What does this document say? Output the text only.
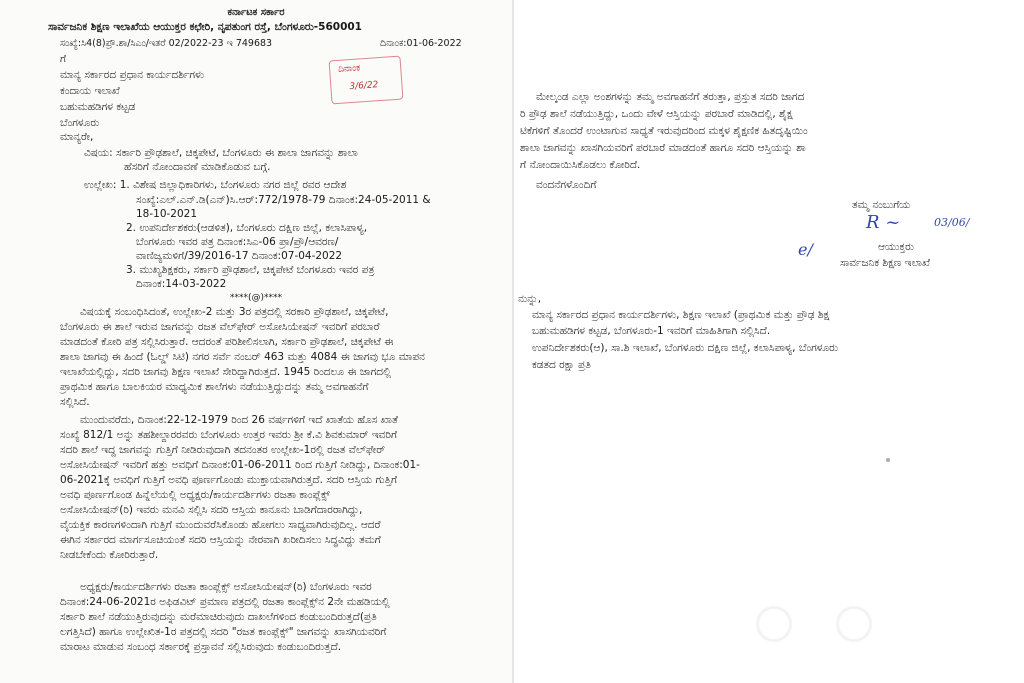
ಕರ್ನಾಟಕ ಸರ್ಕಾರ
ಸಾರ್ವಜನಿಕ ಶಿಕ್ಷಣ ಇಲಾಖೆಯ ಆಯುಕ್ತರ ಕಛೇರಿ, ನೃಪತುಂಗ ರಸ್ತೆ, ಬೆಂಗಳೂರು-560001
ಸಂಖ್ಯೆ:ಸಿ4(8)ಪ್ರೌ.ಶಾ/ಸಿಎಂ/ಇತರೆ 02/2022-23 ಇ 749683	ದಿನಾಂಕ:01-06-2022
ದಿನಾಂಕ
3/6/22
ಗೆ
ಮಾನ್ಯ ಸರ್ಕಾರದ ಪ್ರಧಾನ ಕಾರ್ಯದರ್ಶಿಗಳು
ಕಂದಾಯ ಇಲಾಖೆ
ಬಹುಮಹಡಿಗಳ ಕಟ್ಟಡ
ಬೆಂಗಳೂರು
ಮಾನ್ಯರೇ,
ವಿಷಯ: ಸರ್ಕಾರಿ ಪ್ರೌಢಶಾಲೆ, ಚಿಕ್ಕಪೇಟೆ, ಬೆಂಗಳೂರು ಈ ಶಾಲಾ ಜಾಗವನ್ನು ಶಾಲಾ
ಹೆಸರಿಗೆ ನೋಂದಾವಣೆ ಮಾಡಿಕೊಡುವ ಬಗ್ಗೆ.
ಉಲ್ಲೇಖ: 1. ವಿಶೇಷ ಜಿಲ್ಲಾಧಿಕಾರಿಗಳು, ಬೆಂಗಳೂರು ನಗರ ಜಿಲ್ಲೆ ರವರ ಆದೇಶ
ಸಂಖ್ಯೆ:ಎಲ್.ಎನ್.ಡಿ(ಎನ್)ಸಿ.ಆರ್:772/1978-79 ದಿನಾಂಕ:24-05-2011 &
18-10-2021
2. ಉಪನಿರ್ದೇಶಕರು(ಆಡಳಿತ), ಬೆಂಗಳೂರು ದಕ್ಷಿಣ ಜಿಲ್ಲೆ, ಕಲಾಸಿಪಾಳ್ಯ,
ಬೆಂಗಳೂರು ಇವರ ಪತ್ರ ದಿನಾಂಕ:ಸಿಎ-06 ಪ್ರಾ/ಪ್ರೌ/ಆವರಣ/
ವಾಣಿಜ್ಯಮಳಿಗೆ/39/2016-17 ದಿನಾಂಕ:07-04-2022
3. ಮುಖ್ಯಶಿಕ್ಷಕರು, ಸರ್ಕಾರಿ ಪ್ರೌಢಶಾಲೆ, ಚಿಕ್ಕಪೇಟೆ ಬೆಂಗಳೂರು ಇವರ ಪತ್ರ
ದಿನಾಂಕ:14-03-2022
****(@)****
ವಿಷಯಕ್ಕೆ ಸಂಬಂಧಿಸಿದಂತೆ, ಉಲ್ಲೇಖ-2 ಮತ್ತು 3ರ ಪತ್ರದಲ್ಲಿ ಸರಕಾರಿ ಪ್ರೌಢಶಾಲೆ, ಚಿಕ್ಕಪೇಟೆ,
ಬೆಂಗಳೂರು ಈ ಶಾಲೆ ಇರುವ ಜಾಗವನ್ನು ರಜತ ವೆಲ್‌ಫೇರ್ ಅಸೋಸಿಯೇಷನ್ ಇವರಿಗೆ ಪರಬಾರೆ
ಮಾಡದಂತೆ ಕೋರಿ ಪತ್ರ ಸಲ್ಲಿಸಿರುತ್ತಾರೆ. ಆದರಂತೆ ಪರಿಶೀಲಿಸಲಾಗಿ, ಸರ್ಕಾರಿ ಪ್ರೌಢಶಾಲೆ, ಚಿಕ್ಕಪೇಟೆ ಈ
ಶಾಲಾ ಜಾಗವು ಈ ಹಿಂದೆ (ಓಲ್ಡ್ ಸಿಟಿ) ನಗರ ಸರ್ವೆ ನಂಬರ್ 463 ಮತ್ತು 4084 ಈ ಜಾಗವು ಭೂ ಮಾಪನ
ಇಲಾಖೆಯಲ್ಲಿದ್ದು, ಸದರಿ ಜಾಗವು ಶಿಕ್ಷಣ ಇಲಾಖೆ ಸೇರಿದ್ದಾಗಿರುತ್ತದೆ. 1945 ರಿಂದಲೂ ಈ ಜಾಗದಲ್ಲಿ
ಪ್ರಾಥಮಿಕ ಹಾಗೂ ಬಾಲಕಿಯರ ಮಾಧ್ಯಮಿಕ ಶಾಲೆಗಳು ನಡೆಯುತ್ತಿದ್ದುದನ್ನು ತಮ್ಮ ಅವಗಾಹನೆಗೆ
ಸಲ್ಲಿಸಿದೆ.
ಮುಂದುವರೆದು, ದಿನಾಂಕ:22-12-1979 ರಿಂದ 26 ವರ್ಷಗಳಿಗೆ ಇದೆ ಖಾತೆಯ ಹೊಸ ಖಾತೆ
ಸಂಖ್ಯೆ 812/1 ಅನ್ನು ತಹಶೀಲ್ದಾರರವರು ಬೆಂಗಳೂರು ಉತ್ತರ ಇವರು ಶ್ರೀ ಕೆ.ವಿ ಶಿವಕುಮಾರ್ ಇವರಿಗೆ
ಸದರಿ ಶಾಲೆ ಇದ್ದ ಜಾಗವನ್ನು ಗುತ್ತಿಗೆ ನೀಡಿರುವುದಾಗಿ ತದನಂತರ ಉಲ್ಲೇಖ-1ರಲ್ಲಿ ರಜತ ವೆಲ್‌ಫೇರ್
ಅಸೋಸಿಯೇಷನ್ ಇವರಿಗೆ ಹತ್ತು ಅವಧಿಗೆ ದಿನಾಂಕ:01-06-2011 ರಿಂದ ಗುತ್ತಿಗೆ ನೀಡಿದ್ದು, ದಿನಾಂಕ:01-
06-2021ಕ್ಕೆ ಅವಧಿಗೆ ಗುತ್ತಿಗೆ ಅವಧಿ ಪೂರ್ಣಗೊಂಡು ಮುಕ್ತಾಯವಾಗಿರುತ್ತದೆ. ಸದರಿ ಆಸ್ತಿಯ ಗುತ್ತಿಗೆ
ಅವಧಿ ಪೂರ್ಣಗೊಂಡ ಹಿನ್ನೆಲೆಯಲ್ಲಿ ಅಧ್ಯಕ್ಷರು/ಕಾರ್ಯದರ್ಶಿಗಳು ರಜತಾ ಕಾಂಪ್ಲೆಕ್ಸ್
ಅಸೋಸಿಯೇಷನ್(ರಿ) ಇವರು ಮನವಿ ಸಲ್ಲಿಸಿ ಸದರಿ ಆಸ್ತಿಯ ಕಾನೂನು ಬಾಡಿಗೆದಾರರಾಗಿದ್ದು,
ವೈಯಕ್ತಿಕ ಕಾರಣಗಳಿಂದಾಗಿ ಗುತ್ತಿಗೆ ಮುಂದುವರೆಸಿಕೊಂಡು ಹೋಗಲು ಸಾಧ್ಯವಾಗಿರುವುದಿಲ್ಲ. ಆದರೆ
ಈಗಿನ ಸರ್ಕಾರದ ಮಾರ್ಗಸೂಚಿಯಂತೆ ಸದರಿ ಆಸ್ತಿಯನ್ನು ನೇರವಾಗಿ ಖರೀದಿಸಲು ಸಿದ್ಧವಿದ್ದು ತಮಗೆ
ನೀಡಬೇಕೆಂದು ಕೋರಿರುತ್ತಾರೆ.
ಅಧ್ಯಕ್ಷರು/ಕಾರ್ಯದರ್ಶಿಗಳು ರಜತಾ ಕಾಂಪ್ಲೆಕ್ಸ್ ಅಸೋಸಿಯೇಷನ್(ರಿ) ಬೆಂಗಳೂರು ಇವರ
ದಿನಾಂಕ:24-06-2021ರ ಅಫಿಡವಿಟ್ ಪ್ರಮಾಣ ಪತ್ರದಲ್ಲಿ ರಜತಾ ಕಾಂಪ್ಲೆಕ್ಸ್‌ನ 2ನೇ ಮಹಡಿಯಲ್ಲಿ
ಸರ್ಕಾರಿ ಶಾಲೆ ನಡೆಯುತ್ತಿರುವುದನ್ನು ಮರೆಮಾಚಿರುವುದು ದಾಖಲೆಗಳಿಂದ ಕಂಡುಬಂದಿರುತ್ತದೆ(ಪ್ರತಿ
ಲಗತ್ತಿಸಿದೆ) ಹಾಗೂ ಉಲ್ಲೇಖಿತ-1ರ ಪತ್ರದಲ್ಲಿ ಸದರಿ "ರಜತ ಕಾಂಪ್ಲೆಕ್ಸ್" ಜಾಗವನ್ನು ಖಾಸಗಿಯವರಿಗೆ
ಮಾರಾಟ ಮಾಡುವ ಸಂಬಂಧ ಸರ್ಕಾರಕ್ಕೆ ಪ್ರಸ್ತಾವನೆ ಸಲ್ಲಿಸಿರುವುದು ಕಂಡುಬಂದಿರುತ್ತದೆ.
ಮೇಲ್ಕಂಡ ಎಲ್ಲಾ ಅಂಶಗಳನ್ನು ತಮ್ಮ ಅವಗಾಹನೆಗೆ ತರುತ್ತಾ, ಪ್ರಸ್ತುತ ಸದರಿ ಜಾಗದ
ರಿ ಪ್ರೌಢ ಶಾಲೆ ನಡೆಯುತ್ತಿದ್ದು, ಒಂದು ವೇಳೆ ಆಸ್ತಿಯನ್ನು ಪರಬಾರೆ ಮಾಡಿದಲ್ಲಿ, ಶೈಕ್ಷ
ಟಿಕೆಗಳಿಗೆ ತೊಂದರೆ ಉಂಟಾಗುವ ಸಾಧ್ಯತೆ ಇರುವುದರಿಂದ ಮಕ್ಕಳ ಶೈಕ್ಷಣಿಕ ಹಿತದೃಷ್ಟಿಯಿಂ
ಶಾಲಾ ಜಾಗವನ್ನು ಖಾಸಗಿಯವರಿಗೆ ಪರಬಾರೆ ಮಾಡದಂತೆ ಹಾಗೂ ಸದರಿ ಆಸ್ತಿಯನ್ನು ಶಾ
ಗೆ ನೋಂದಾಯಿಸಿಕೊಡಲು ಕೋರಿದೆ.
ವಂದನೆಗಳೊಂದಿಗೆ
ತಮ್ಮ ನಂಬುಗೆಯ
R ~	03/06/
e/	ಆಯುಕ್ತರು
ಸಾರ್ವಜನಿಕ ಶಿಕ್ಷಣ ಇಲಾಖೆ
ನುನ್ನು,
ಮಾನ್ಯ ಸರ್ಕಾರದ ಪ್ರಧಾನ ಕಾರ್ಯದರ್ಶಿಗಳು, ಶಿಕ್ಷಣ ಇಲಾಖೆ (ಪ್ರಾಥಮಿಕ ಮತ್ತು ಪ್ರೌಢ ಶಿಕ್ಷ
ಬಹುಮಹಡಿಗಳ ಕಟ್ಟಡ, ಬೆಂಗಳೂರು-1 ಇವರಿಗೆ ಮಾಹಿತಿಗಾಗಿ ಸಲ್ಲಿಸಿದೆ.
ಉಪನಿರ್ದೇಶಕರು(ಆ), ಸಾ.ಶಿ ಇಲಾಖೆ, ಬೆಂಗಳೂರು ದಕ್ಷಿಣ ಜಿಲ್ಲೆ, ಕಲಾಸಿಪಾಳ್ಯ, ಬೆಂಗಳೂರು
ಕಡತದ ರಕ್ಷಾ ಪ್ರತಿ
